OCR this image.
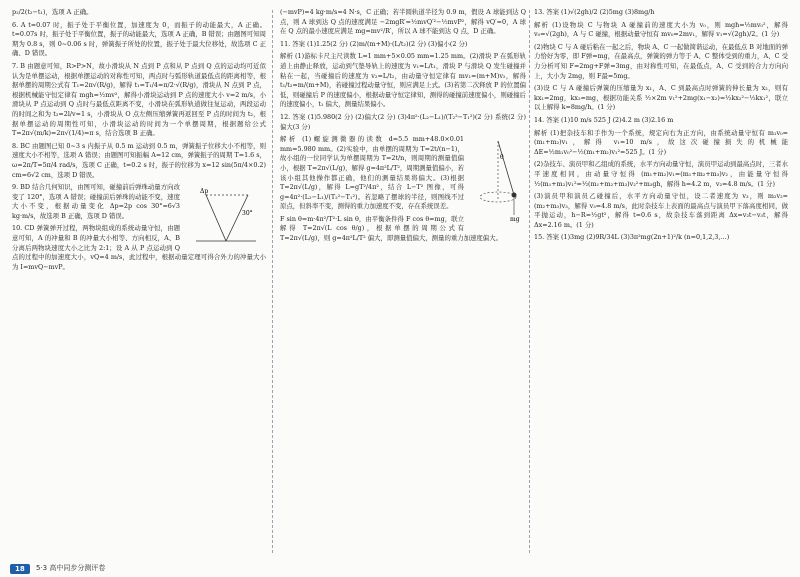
p₂/2(t₂−t₁)，选项 A 正确。

6. A t=0.07 时，振子处于平衡位置，加速度为 0，而振子的动能最大，A 正确。t=0.07s 时，振子处于平衡位置，振子的动能最大，选项 A 正确，B 错误；由题图可知周期为 0.8 s，则 0~0.06 s 时，弹簧振子所处的位置，振子处于最大位移处，故选项 C 正确、D 错误。

7. B 由题意可知，R>P>N，故小滑块从 N 点到 P 点和从 P 点到 Q 点的运动均可近似认为是单摆运动，根据单摆运动的对称性可知，两点时与弧形轨道最低点的距离相等，根据单摆的周期公式有 T₁=2π√(R/g)，解得 t₁=T₁/4=π/2·√(R/g)，滑块从 N 点到 P 点，根据机械能守恒定律有 mgh=½mv²，解得小滑块运动到 P 点的速度大小 v=2 m/s，小滑块从 P 点运动到 Q 点时与最低点距离不变，小滑块在弧形轨道做往复运动，两段运动的时间之和为 t₂=2l/v=1 s，小滑块从 O 点左侧压缩弹簧再返回至 P 点的时间为 t₂，根据单摆运动的周期性可知，小滑块运动的时间为一个单摆周期，根据题给公式 T=2π√(m/k)=2π√(1/4)=π s，结合选项 B 正确。

8. BC 由题图已知 0~3 s 内振子从 0.5 m 运动到 0.5 m，弹簧振子位移大小不相等，则速度大小不相等，选项 A 错误；由题图可知振幅 A=12 cm，弹簧振子的周期 T=1.6 s，ω=2π/T=5π/4 rad/s，选项 C 正确，t=0.2 s 时，振子的位移为 x=12 sin(5π/4×0.2) cm=6√2 cm，选项 D 错误。

Δp
30°

9. BD 结合几何知识，由图可知，碰撞前后弹珠动量方向改变了 120°，选项 A 错误；碰撞前后弹珠的动能不变，速度大小不变，根据动量变化 Δp=2p cos 30°=6√3 kg·m/s，故选项 B 正确，选项 D 错误。

10. CD 弹簧弹开过程，两物块组成的系统动量守恒，由题意可知，A 的冲量和 B 的冲量大小相等、方向相反，A、B 分离后两物块速度大小之比为 2:1；设 A 从 P 点运动到 Q 点的过程中的加速度大小，vQ=4 m/s，此过程中，根据动量定理可得合外力的冲量大小为 I=mvQ−mvP。

(−mvP)=4 kg·m/s=4 N·s，C 正确；若半圆轨道半径为 0.9 m，假设 A 球能到达 Q 点，则 A 球到达 Q 点的速度满足 −2mgR′=½mvQ′²−½mvP²，解得 vQ′=0，A 球在 Q 点的最小速度应满足 mg=mv²/R′，所以 A 球不能到达 Q 点，D 正确。

11. 答案 (1)1.25(2 分) (2)m/(m+M)·(L/t₂)(2 分) (3)偏小(2 分)

解析 (1)游标卡尺主尺读数 L=1 mm+5×0.05 mm=1.25 mm。(2)滑块 P 在弧形轨道上由静止释放，运动到气垫导轨上的速度为 v₁=L/t₁，滑块 P 与滑块 Q 发生碰撞并粘在一起，当碰撞后的速度为 v₂=L/t₂，由动量守恒定律有 mv₁=(m+M)v₂，解得 t₁/t₂=m/(m+M)，若碰撞过程动量守恒，则应满足上式。(3)若第二次释放 P 的位置偏低，则碰撞后 P 的速度偏小，根据动量守恒定律知，测得的碰撞前速度偏小，则碰撞后的速度偏小，t₁ 偏大，测量结果偏小。

12. 答案 (1)5.980(2 分) (2)偏大(2 分) (3)4π²·(L₂−L₁)/(T₂²−T₁²)(2 分) 系统(2 分) 偏大(3 分)

θ
mg

解析 (1)螺旋测微器的读数 d=5.5 mm+48.0×0.01 mm=5.980 mm。(2)实验中，由单摆的周期为 T=2t/(n−1)，故小组的一位同学认为单摆周期为 T=2t/n，则周期的测量值偏小，根据 T=2π√(L/g)，解得 g=4π²L/T²，周期测量值偏小，若该小组其他操作都正确，他们的测量结果将偏大。(3)根据 T=2π√(L/g)，解得 L=gT²/4π²，结合 L−T² 图像，可得 g=4π²·(L₂−L₁)/(T₂²−T₁²)。若忽略了摆球的半径，则图线不过原点，但斜率不变，测得的重力加速度不变，存在系统误差。

F sin θ=m·4π²/T²·L sin θ，由平衡条件得 F cos θ=mg，联立解得 T=2π√(L cos θ/g)，根据单摆的周期公式有 T=2π√(L/g)，则 g=4π²L/T² 偏大，即测量值偏大，测量的重力加速度偏大。

13. 答案 (1)√(2gh)/2 (2)5mg (3)8mg/h

解析 (1)设物块 C 与物块 A 碰撞前的速度大小为 v₀，则 mgh=½mv₀²，解得 v₀=√(2gh)，A 与 C 碰撞，根据动量守恒有 mv₀=2mv₁，解得 v₁=√(2gh)/2。(1 分)

(2)物块 C 与 A 碰后粘在一起之后，物块 A、C 一起做简谐运动，在最低点 B 对地面的弹力恰好为零，即 F弹=mg，在最高点，弹簧的弹力等于 A、C 整体受到的重力，A、C 受力分析可知 F=2mg+F弹=3mg，由对称性可知，在最低点，A、C 受到的合力方向向上，大小为 2mg，则 F最=5mg。

(3)设 C 与 A 碰撞后弹簧的压缩量为 x₁，A、C 到最高点时弹簧的伸长量为 x₂，则有 kx₁=2mg，kx₂=mg，根据功能关系 ½×2m v₁²+2mg(x₁−x₂)=½kx₂²−½kx₁²，联立以上解得 k=8mg/h。(1 分)

14. 答案 (1)10 m/s 525 J (2)4.2 m (3)2.16 m

解析 (1)把杂技车和手作为一个系统，规定向右为正方向，由系统动量守恒有 m₁v₀=(m₁+m₂)v₁，解得 v₁=10 m/s，故这次碰撞损失的机械能 ΔE=½m₁v₀²−½(m₁+m₂)v₁²=525 J。(1 分)

(2)杂技车、演员甲和乙组成的系统，水平方向动量守恒，演员甲运动到最高点时，三者水平速度相同，由动量守恒得 (m₁+m₂)v₁=(m₁+m₂+m₃)v₂，由能量守恒得 ½(m₁+m₂)v₁²=½(m₁+m₂+m₃)v₂²+m₃gh，解得 h=4.2 m，v₂=4.8 m/s。(1 分)

(3)演员甲和演员乙碰撞后，水平方向动量守恒，设二者速度为 v₃，则 m₂v₂=(m₂+m₃)v₃，解得 v₃=4.8 m/s，此时杂技车上表面的最高点与演员甲下落高度相同，做平抛运动，h−R=½gt²，解得 t=0.6 s，故杂技车落到距离 Δx=v₂t−v₃t，解得 Δx=2.16 m。(1 分)

15. 答案 (1)3mg (2)9R/34L (3)3π²mg(2n+1)²/k (n=0,1,2,3,…)

18	5·3 高中同步分测评卷
